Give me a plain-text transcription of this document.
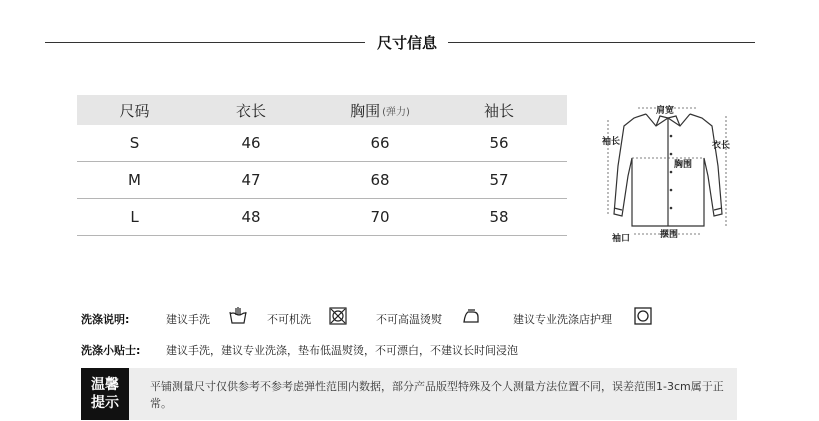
尺寸信息
尺码	衣长	胸围 (弹力)	袖长
S	46	66	56
M	47	68	57
L	48	70	58
肩宽
袖长	衣长
胸围
袖口	摆围
洗涤说明:	建议手洗	不可机洗	不可高温烫熨	建议专业洗涤店护理
洗涤小贴士: 建议手洗，建议专业洗涤，垫布低温熨烫，不可漂白，不建议长时间浸泡
温馨
提示
平铺测量尺寸仅供参考不参考虑弹性范围内数据，部分产品版型特殊及个人测量方法位置不同，误差范围1-3cm属于正常。
